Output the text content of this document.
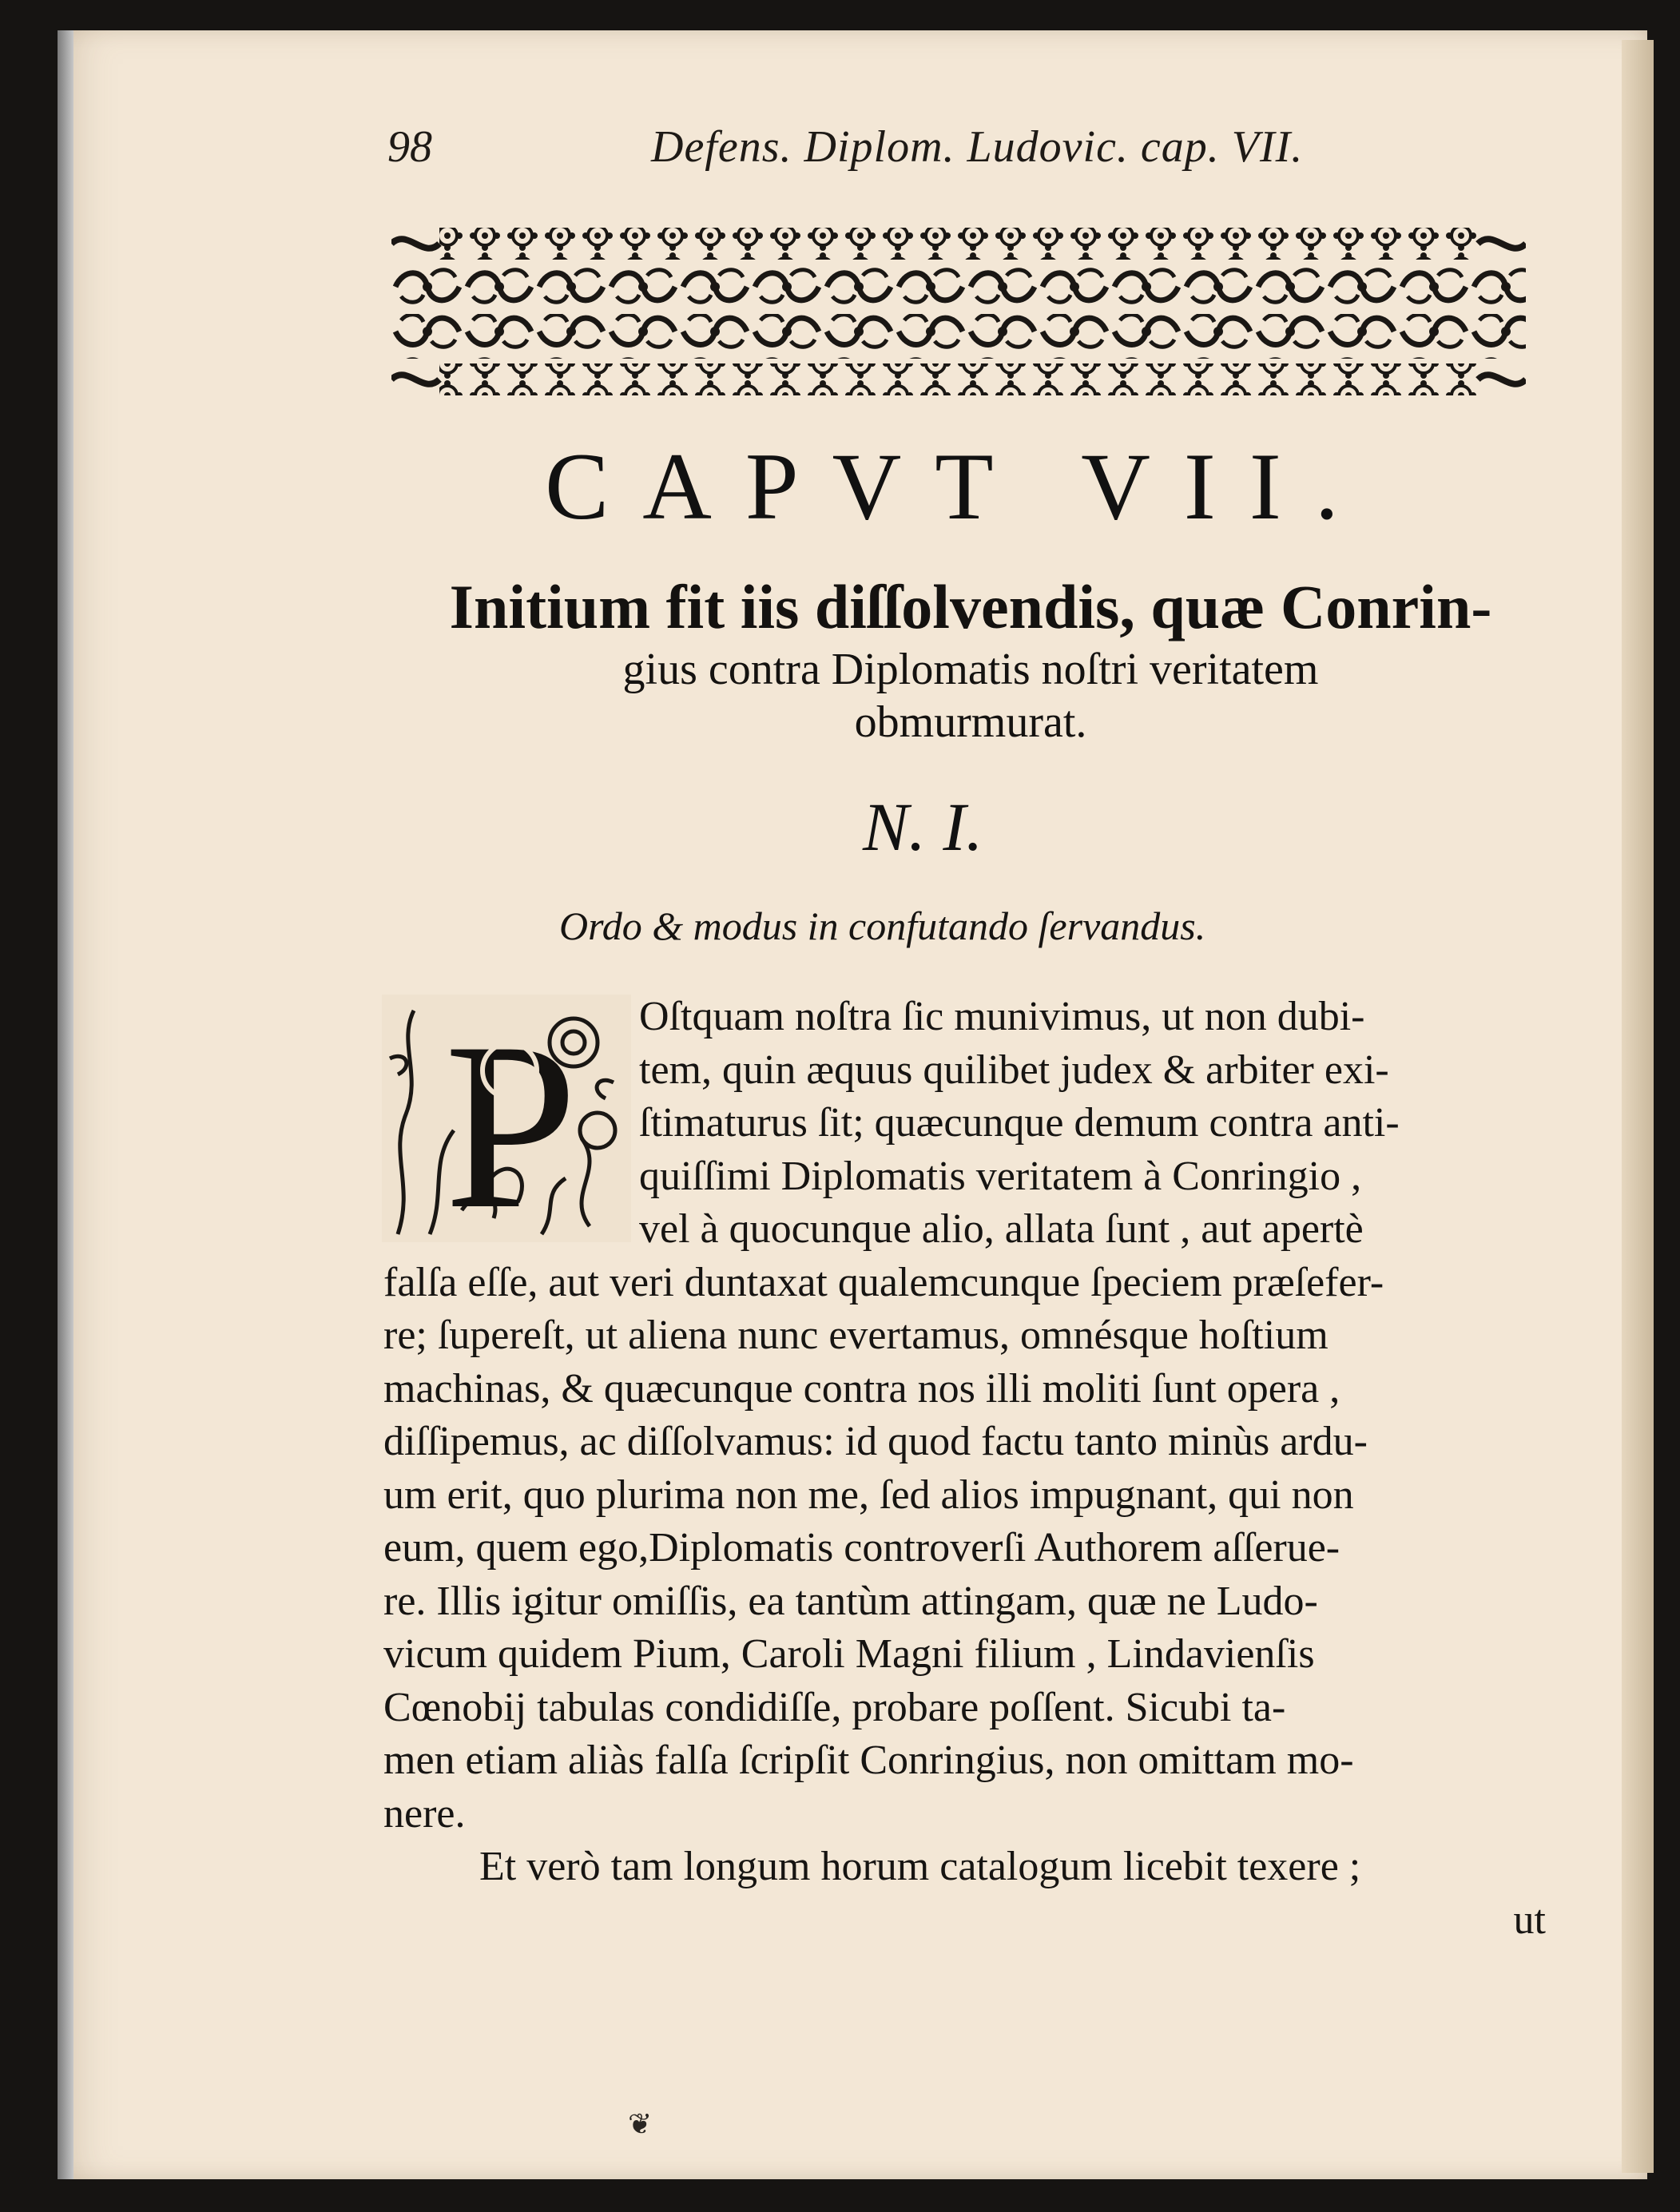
98	Defens. Diplom. Ludovic. cap. VII.
CAPVT VII.
Initium fit iis diſſolvendis, quæ Conrin-
gius contra Diplomatis noſtri veritatem
obmurmurat.
N. I.
Ordo & modus in confutando ſervandus.
P	Oſtquam noſtra ſic munivimus, ut non dubi-
tem, quin æquus quilibet judex & arbiter exi-
ſtimaturus ſit; quæcunque demum contra anti-
quiſſimi Diplomatis veritatem à Conringio ,
vel à quocunque alio, allata ſunt , aut apertè
falſa eſſe, aut veri duntaxat qualemcunque ſpeciem præſefer-
re; ſupereſt, ut aliena nunc evertamus, omnésque hoſtium
machinas, & quæcunque contra nos illi moliti ſunt opera ,
diſſipemus, ac diſſolvamus: id quod factu tanto minùs ardu-
um erit, quo plurima non me, ſed alios impugnant, qui non
eum, quem ego,Diplomatis controverſi Authorem aſſerue-
re. Illis igitur omiſſis, ea tantùm attingam, quæ ne Ludo-
vicum quidem Pium, Caroli Magni filium , Lindavienſis
Cœnobij tabulas condidiſſe, probare poſſent. Sicubi ta-
men etiam aliàs falſa ſcripſit Conringius, non omittam mo-
nere.
Et verò tam longum horum catalogum licebit texere ;
ut
❦
